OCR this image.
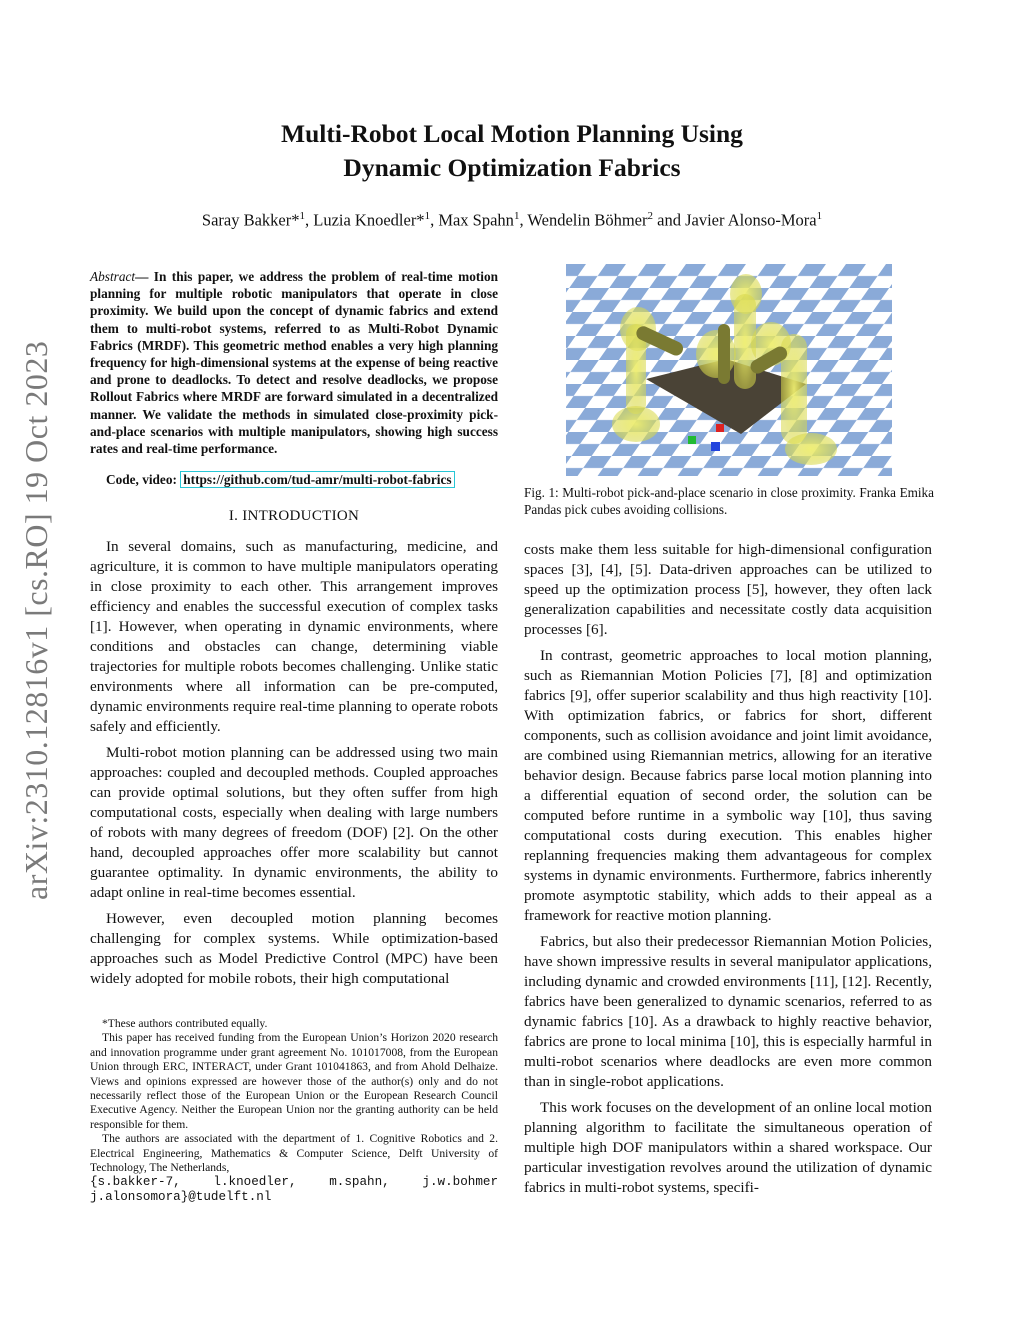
arXiv:2310.12816v1 [cs.RO] 19 Oct 2023
Multi-Robot Local Motion Planning Using
Dynamic Optimization Fabrics
Saray Bakker*$^1$, Luzia Knoedler*$^1$, Max Spahn$^1$, Wendelin Böhmer$^2$ and Javier Alonso-Mora$^1$
Abstract— In this paper, we address the problem of real-time motion planning for multiple robotic manipulators that operate in close proximity. We build upon the concept of dynamic fabrics and extend them to multi-robot systems, referred to as Multi-Robot Dynamic Fabrics (MRDF). This geometric method enables a very high planning frequency for high-dimensional systems at the expense of being reactive and prone to deadlocks. To detect and resolve deadlocks, we propose Rollout Fabrics where MRDF are forward simulated in a decentralized manner. We validate the methods in simulated close-proximity pick-and-place scenarios with multiple manipulators, showing high success rates and real-time performance.
Code, video: https://github.com/tud-amr/multi-robot-fabrics
I. INTRODUCTION

In several domains, such as manufacturing, medicine, and agriculture, it is common to have multiple manipulators operating in close proximity to each other. This arrangement improves efficiency and enables the successful execution of complex tasks [1]. However, when operating in dynamic environments, where conditions and obstacles can change, determining viable trajectories for multiple robots becomes challenging. Unlike static environments where all information can be pre-computed, dynamic environments require real-time planning to operate robots safely and efficiently.

Multi-robot motion planning can be addressed using two main approaches: coupled and decoupled methods. Coupled approaches can provide optimal solutions, but they often suffer from high computational costs, especially when dealing with large numbers of robots with many degrees of freedom (DOF) [2]. On the other hand, decoupled approaches offer more scalability but cannot guarantee optimality. In dynamic environments, the ability to adapt online in real-time becomes essential.

However, even decoupled motion planning becomes challenging for complex systems. While optimization-based approaches such as Model Predictive Control (MPC) have been widely adopted for mobile robots, their high computational

*These authors contributed equally.

This paper has received funding from the European Union’s Horizon 2020 research and innovation programme under grant agreement No. 101017008, from the European Union through ERC, INTERACT, under Grant 101041863, and from Ahold Delhaize. Views and opinions expressed are however those of the author(s) only and do not necessarily reflect those of the European Union or the European Research Council Executive Agency. Neither the European Union nor the granting authority can be held responsible for them.

The authors are associated with the department of 1. Cognitive Robotics and 2. Electrical Engineering, Mathematics & Computer Science, Delft University of Technology, The Netherlands,

{s.bakker-7, l.knoedler, m.spahn, j.w.bohmer j.alonsomora}@tudelft.nl

Fig. 1: Multi-robot pick-and-place scenario in close proximity. Franka Emika Pandas pick cubes avoiding collisions.

costs make them less suitable for high-dimensional configuration spaces [3], [4], [5]. Data-driven approaches can be utilized to speed up the optimization process [5], however, they often lack generalization capabilities and necessitate costly data acquisition processes [6].

In contrast, geometric approaches to local motion planning, such as Riemannian Motion Policies [7], [8] and optimization fabrics [9], offer superior scalability and thus high reactivity [10]. With optimization fabrics, or fabrics for short, different components, such as collision avoidance and joint limit avoidance, are combined using Riemannian metrics, allowing for an iterative behavior design. Because fabrics parse local motion planning into a differential equation of second order, the solution can be computed before runtime in a symbolic way [10], thus saving computational costs during execution. This enables higher replanning frequencies making them advantageous for complex systems in dynamic environments. Furthermore, fabrics inherently promote asymptotic stability, which adds to their appeal as a framework for reactive motion planning.

Fabrics, but also their predecessor Riemannian Motion Policies, have shown impressive results in several manipulator applications, including dynamic and crowded environments [11], [12]. Recently, fabrics have been generalized to dynamic scenarios, referred to as dynamic fabrics [10]. As a drawback to highly reactive behavior, fabrics are prone to local minima [10], this is especially harmful in multi-robot scenarios where deadlocks are even more common than in single-robot applications.

This work focuses on the development of an online local motion planning algorithm to facilitate the simultaneous operation of multiple high DOF manipulators within a shared workspace. Our particular investigation revolves around the utilization of dynamic fabrics in multi-robot systems, specifi-
